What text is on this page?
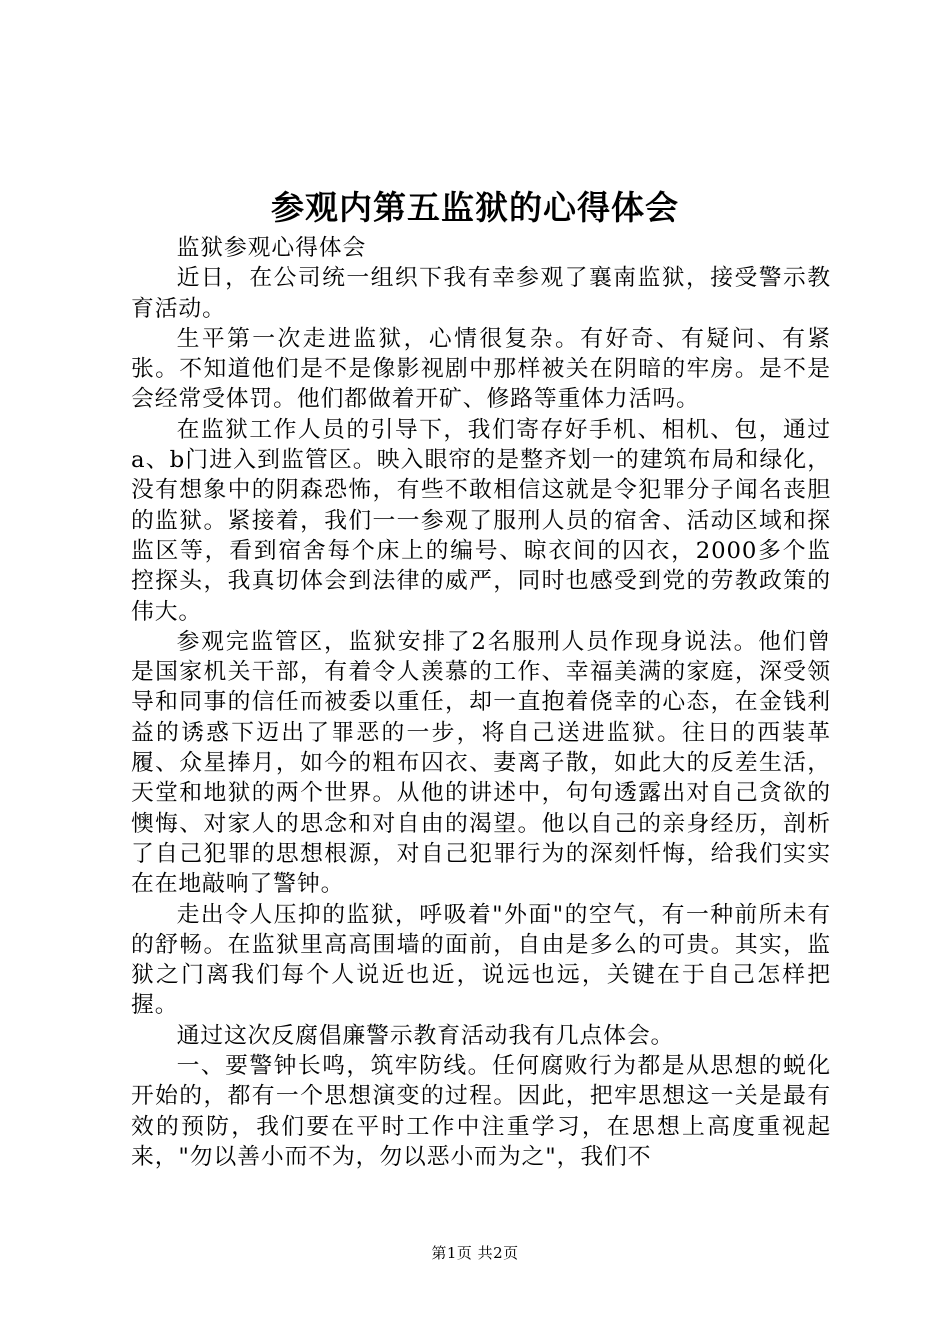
参观内第五监狱的心得体会

监狱参观心得体会

近日，在公司统一组织下我有幸参观了襄南监狱，接受警示教育活动。

生平第一次走进监狱，心情很复杂。有好奇、有疑问、有紧张。不知道他们是不是像影视剧中那样被关在阴暗的牢房。是不是会经常受体罚。他们都做着开矿、修路等重体力活吗。

在监狱工作人员的引导下，我们寄存好手机、相机、包，通过a、b门进入到监管区。映入眼帘的是整齐划一的建筑布局和绿化，没有想象中的阴森恐怖，有些不敢相信这就是令犯罪分子闻名丧胆的监狱。紧接着，我们一一参观了服刑人员的宿舍、活动区域和探监区等，看到宿舍每个床上的编号、晾衣间的囚衣，2000多个监控探头，我真切体会到法律的威严，同时也感受到党的劳教政策的伟大。

参观完监管区，监狱安排了2名服刑人员作现身说法。他们曾是国家机关干部，有着令人羡慕的工作、幸福美满的家庭，深受领导和同事的信任而被委以重任，却一直抱着侥幸的心态，在金钱利益的诱惑下迈出了罪恶的一步，将自己送进监狱。往日的西装革履、众星捧月，如今的粗布囚衣、妻离子散，如此大的反差生活，天堂和地狱的两个世界。从他的讲述中，句句透露出对自己贪欲的懊悔、对家人的思念和对自由的渴望。他以自己的亲身经历，剖析了自己犯罪的思想根源，对自己犯罪行为的深刻忏悔，给我们实实在在地敲响了警钟。

走出令人压抑的监狱，呼吸着"外面"的空气，有一种前所未有的舒畅。在监狱里高高围墙的面前，自由是多么的可贵。其实，监狱之门离我们每个人说近也近，说远也远，关键在于自己怎样把握。

通过这次反腐倡廉警示教育活动我有几点体会。

一、要警钟长鸣，筑牢防线。任何腐败行为都是从思想的蜕化开始的，都有一个思想演变的过程。因此，把牢思想这一关是最有效的预防，我们要在平时工作中注重学习，在思想上高度重视起来，"勿以善小而不为，勿以恶小而为之"，我们不

第1页 共2页
